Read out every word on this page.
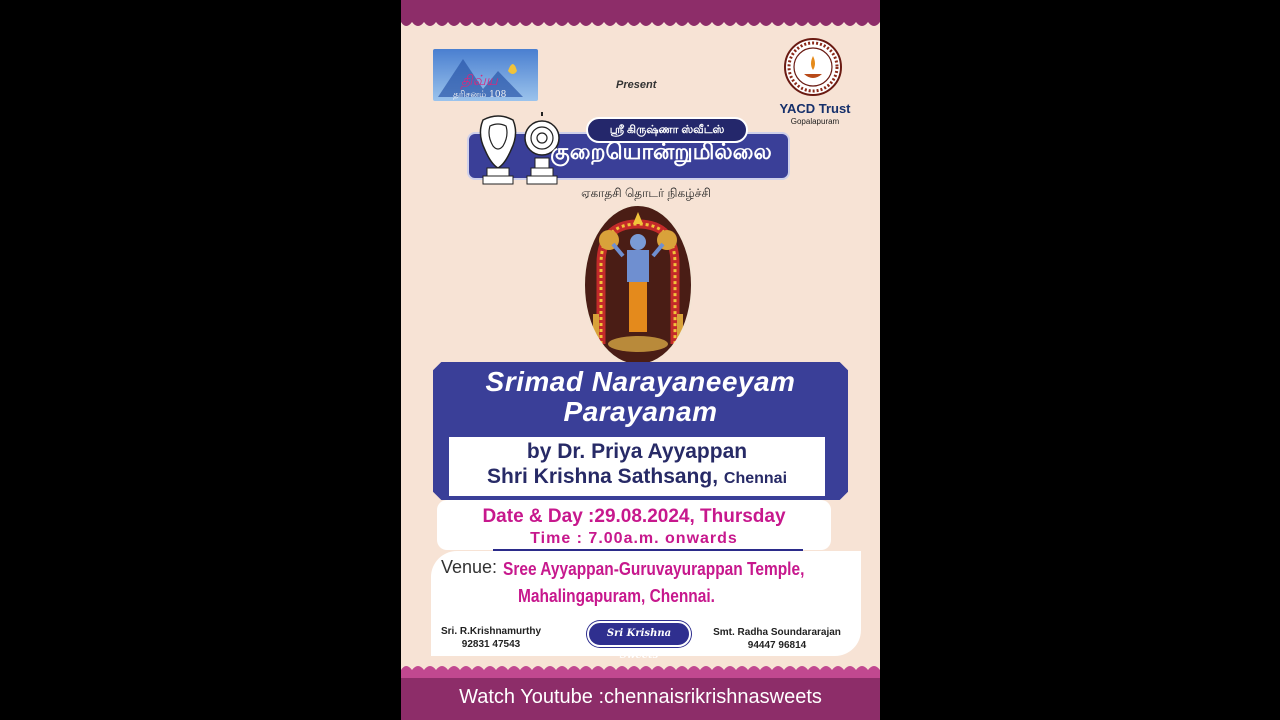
திவ்ய
தரிசனம் 108
Present
YACD Trust
Gopalapuram
ஸ்ரீ கிருஷ்ணா ஸ்வீட்ஸ்
குறையொன்றுமில்லை
ஏகாதசி தொடர் நிகழ்ச்சி
Srimad Narayaneeyam
Parayanam
by Dr. Priya Ayyappan
Shri Krishna Sathsang, Chennai
Date & Day :29.08.2024, Thursday
Time : 7.00a.m. onwards
Venue: Sree Ayyappan-Guruvayurappan Temple,
Mahalingapuram, Chennai.
Sri. R.Krishnamurthy
92831 47543
Sri Krishna Sweets
Smt. Radha Soundararajan
94447 96814
Watch Youtube :chennaisrikrishnasweets
